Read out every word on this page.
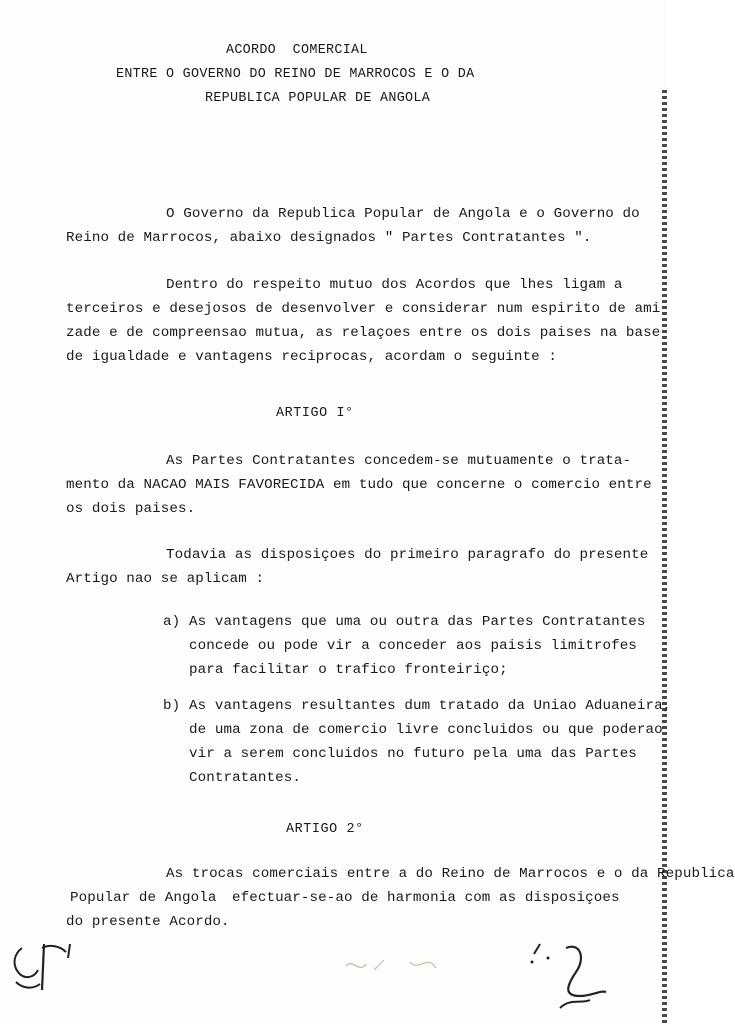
ACORDO  COMERCIAL
ENTRE O GOVERNO DO REINO DE MARROCOS E O DA
REPUBLICA POPULAR DE ANGOLA
O Governo da Republica Popular de Angola e o Governo do
Reino de Marrocos, abaixo designados " Partes Contratantes ".
Dentro do respeito mutuo dos Acordos que lhes ligam a
terceiros e desejosos de desenvolver e considerar num espirito de ami
zade e de compreensao mutua, as relaçoes entre os dois paises na base
de igualdade e vantagens reciprocas, acordam o seguinte :
ARTIGO I°
As Partes Contratantes concedem-se mutuamente o trata-
mento da NACAO MAIS FAVORECIDA em tudo que concerne o comercio entre
os dois paises.
Todavia as disposiçoes do primeiro paragrafo do presente
Artigo nao se aplicam :
a) As vantagens que uma ou outra das Partes Contratantes
concede ou pode vir a conceder aos paisis limitrofes
para facilitar o trafico fronteiriço;
b) As vantagens resultantes dum tratado da Uniao Aduaneira,
de uma zona de comercio livre concluidos ou que poderao
vir a serem concluidos no futuro pela uma das Partes
Contratantes.
ARTIGO 2°
As trocas comerciais entre a do Reino de Marrocos e o da Republica
Popular de Angola efectuar-se-ao de harmonia com as disposiçoes
do presente Acordo.
